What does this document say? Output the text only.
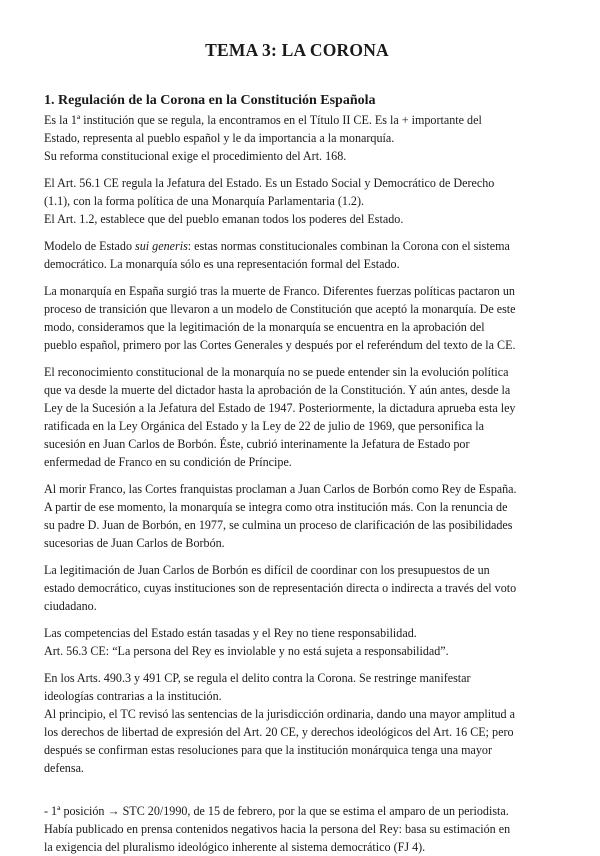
TEMA 3: LA CORONA
1. Regulación de la Corona en la Constitución Española

Es la 1ª institución que se regula, la encontramos en el Título II CE. Es la + importante del
Estado, representa al pueblo español y le da importancia a la monarquía.
Su reforma constitucional exige el procedimiento del Art. 168.

El Art. 56.1 CE regula la Jefatura del Estado. Es un Estado Social y Democrático de Derecho
(1.1), con la forma política de una Monarquía Parlamentaria (1.2).
El Art. 1.2, establece que del pueblo emanan todos los poderes del Estado.

Modelo de Estado sui generis: estas normas constitucionales combinan la Corona con el sistema
democrático. La monarquía sólo es una representación formal del Estado.

La monarquía en España surgió tras la muerte de Franco. Diferentes fuerzas políticas pactaron un
proceso de transición que llevaron a un modelo de Constitución que aceptó la monarquía. De este
modo, consideramos que la legitimación de la monarquía se encuentra en la aprobación del
pueblo español, primero por las Cortes Generales y después por el referéndum del texto de la CE.

El reconocimiento constitucional de la monarquía no se puede entender sin la evolución política
que va desde la muerte del dictador hasta la aprobación de la Constitución. Y aún antes, desde la
Ley de la Sucesión a la Jefatura del Estado de 1947. Posteriormente, la dictadura aprueba esta ley
ratificada en la Ley Orgánica del Estado y la Ley de 22 de julio de 1969, que personifica la
sucesión en Juan Carlos de Borbón. Éste, cubrió interinamente la Jefatura de Estado por
enfermedad de Franco en su condición de Príncipe.

Al morir Franco, las Cortes franquistas proclaman a Juan Carlos de Borbón como Rey de España.
A partir de ese momento, la monarquía se integra como otra institución más. Con la renuncia de
su padre D. Juan de Borbón, en 1977, se culmina un proceso de clarificación de las posibilidades
sucesorias de Juan Carlos de Borbón.

La legitimación de Juan Carlos de Borbón es difícil de coordinar con los presupuestos de un
estado democrático, cuyas instituciones son de representación directa o indirecta a través del voto
ciudadano.

Las competencias del Estado están tasadas y el Rey no tiene responsabilidad.
Art. 56.3 CE: “La persona del Rey es inviolable y no está sujeta a responsabilidad”.

En los Arts. 490.3 y 491 CP, se regula el delito contra la Corona. Se restringe manifestar
ideologías contrarias a la institución.
Al principio, el TC revisó las sentencias de la jurisdicción ordinaria, dando una mayor amplitud a
los derechos de libertad de expresión del Art. 20 CE, y derechos ideológicos del Art. 16 CE; pero
después se confirman estas resoluciones para que la institución monárquica tenga una mayor
defensa.

- 1ª posición → STC 20/1990, de 15 de febrero, por la que se estima el amparo de un periodista.
Había publicado en prensa contenidos negativos hacia la persona del Rey: basa su estimación en
la exigencia del pluralismo ideológico inherente al sistema democrático (FJ 4).
